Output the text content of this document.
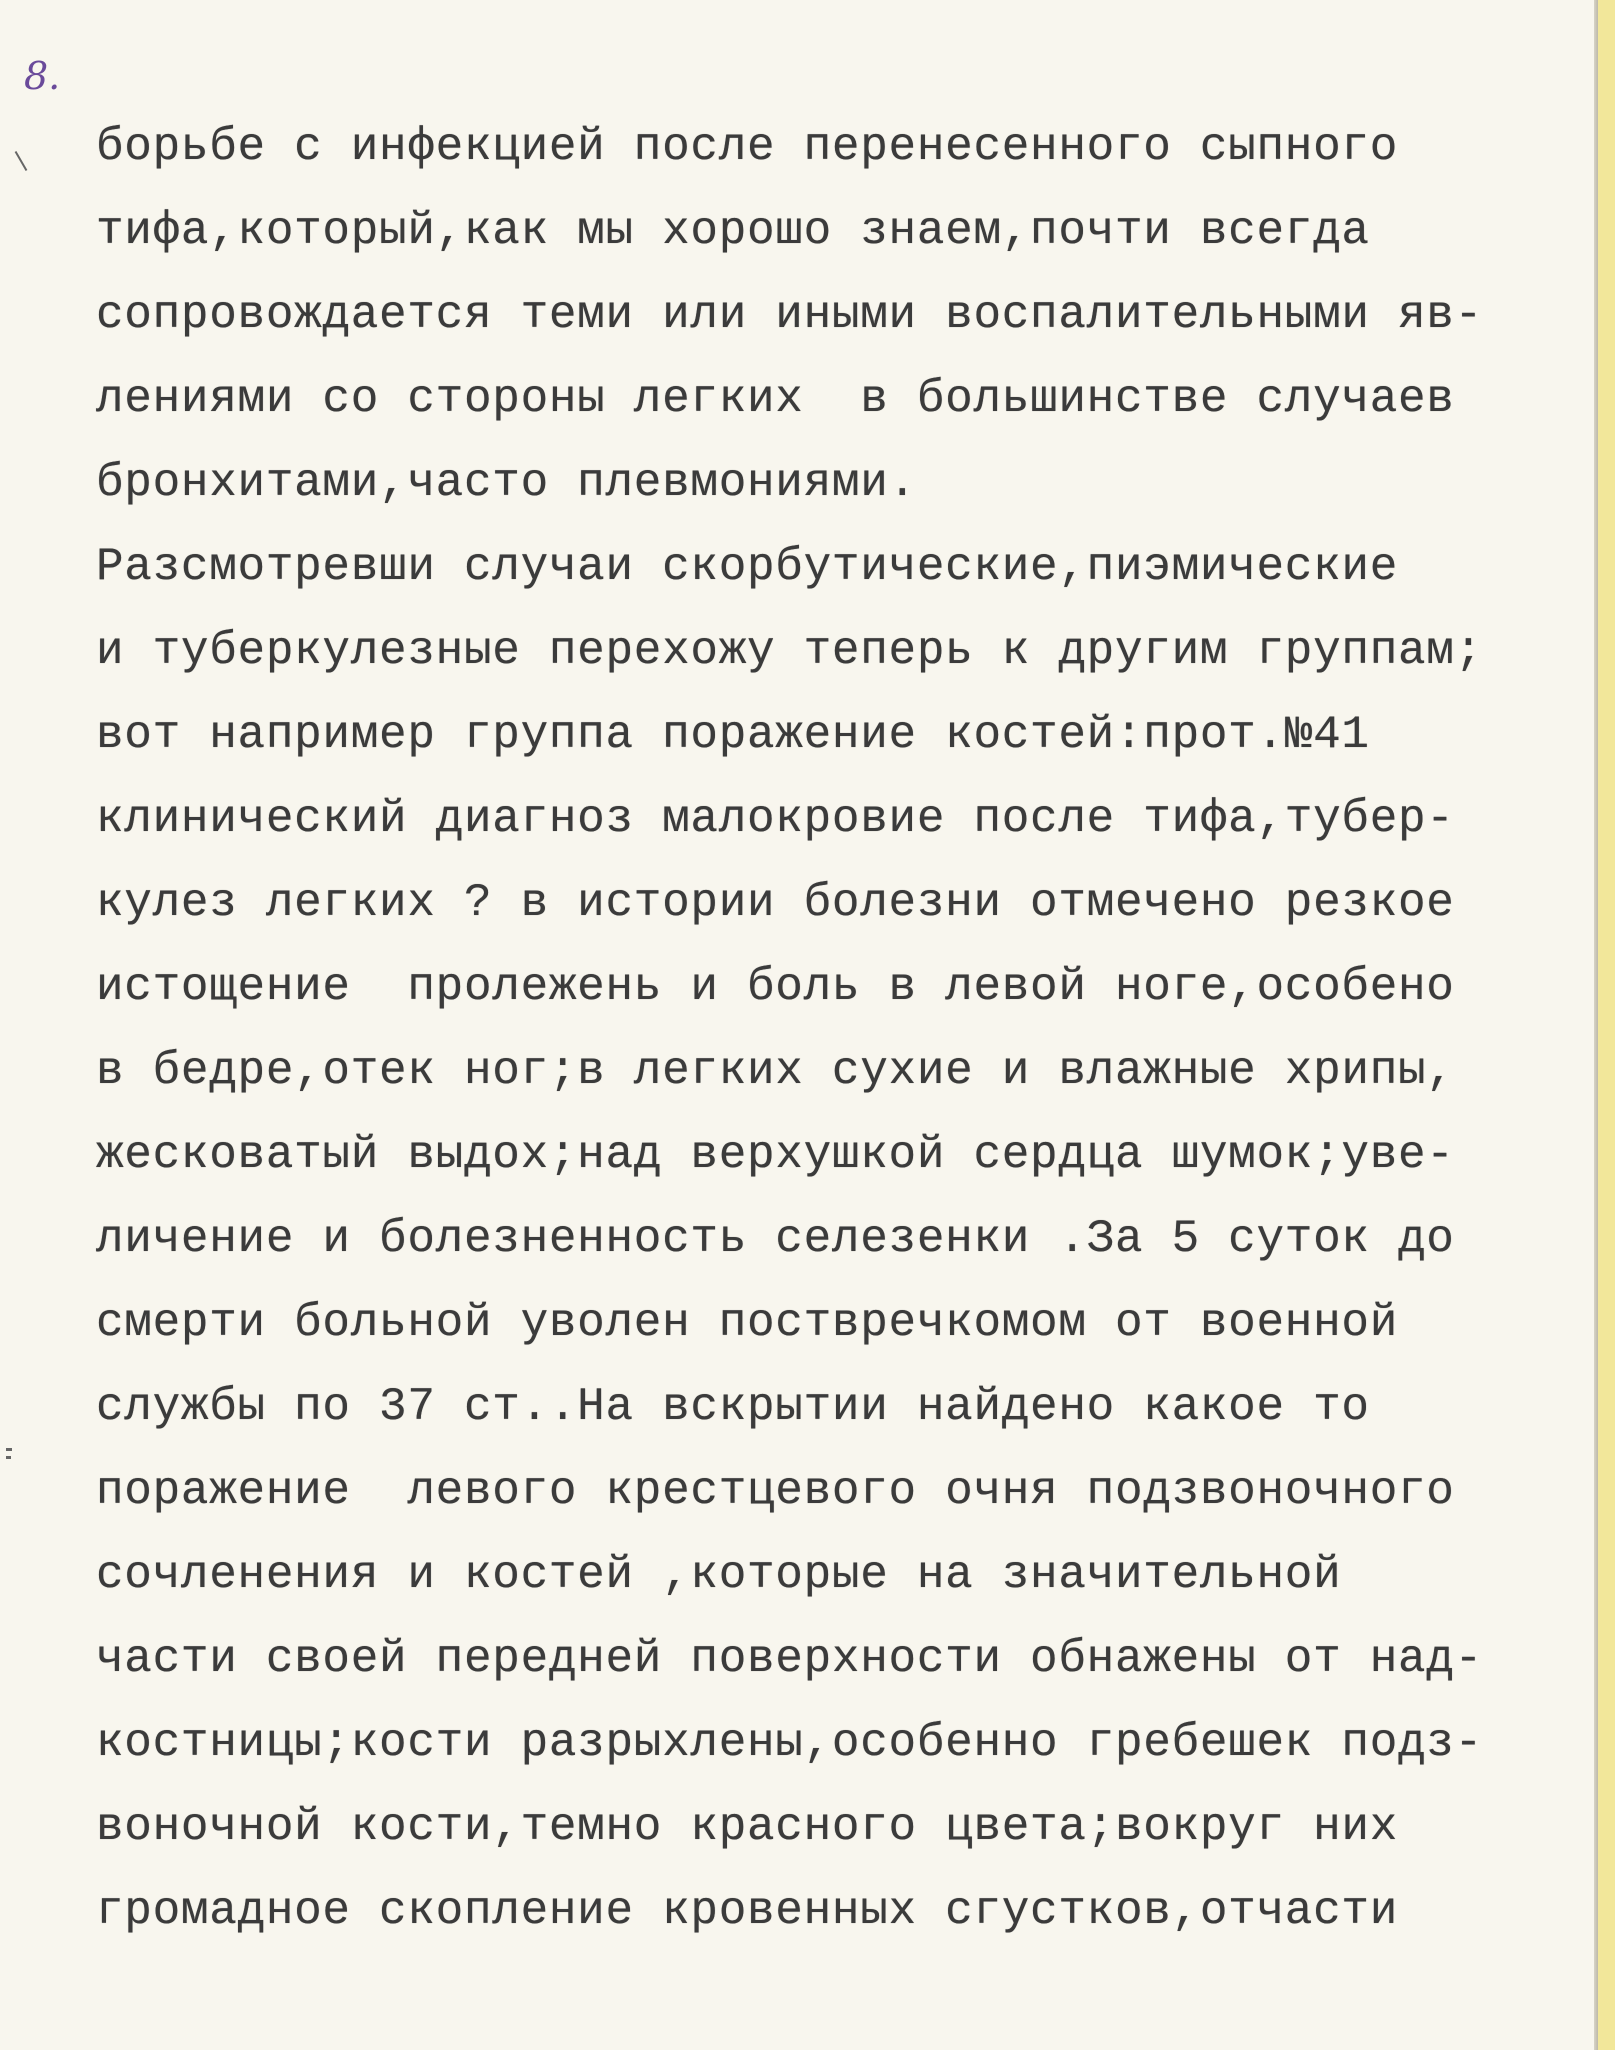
8.
борьбе с инфекцией после перенесенного сыпного
тифа,который,как мы хорошо знаем,почти всегда
сопровождается теми или иными воспалительными яв-
лениями со стороны легких  в большинстве случаев
бронхитами,часто плевмониями.
Разсмотревши случаи скорбутические,пиэмические
и туберкулезные перехожу теперь к другим группам;
вот например группа поражение костей:прот.№41
клинический диагноз малокровие после тифа,тубер-
кулез легких ? в истории болезни отмечено резкое
истощение  пролежень и боль в левой ноге,особено
в бедре,отек ног;в легких сухие и влажные хрипы,
жесковатый выдох;над верхушкой сердца шумок;уве-
личение и болезненность селезенки .За 5 суток до
смерти больной уволен поствречкомом от военной
службы по 37 ст..На вскрытии найдено какое то
поражение  левого крестцевого очня подзвоночного
сочленения и костей ,которые на значительной
части своей передней поверхности обнажены от над-
костницы;кости разрыхлены,особенно гребешек подз-
воночной кости,темно красного цвета;вокруг них
громадное скопление кровенных сгустков,отчасти
